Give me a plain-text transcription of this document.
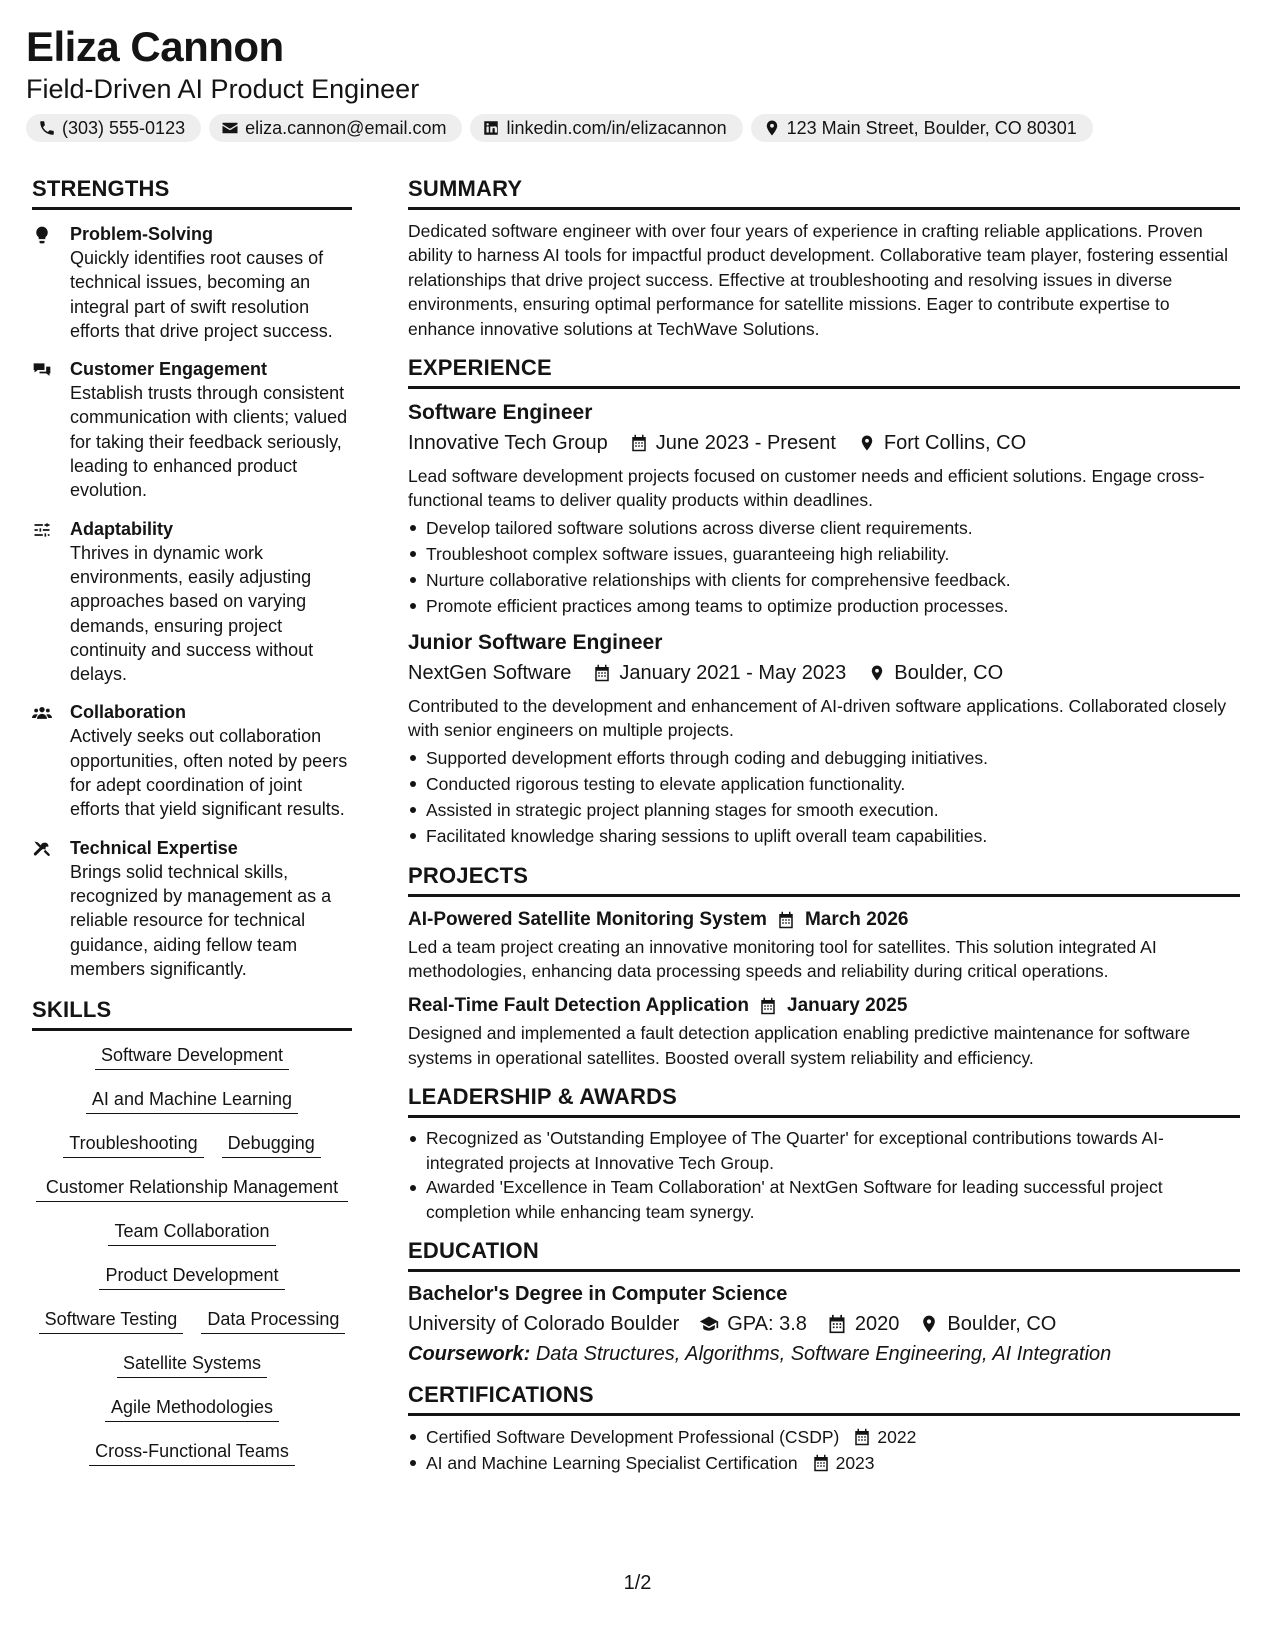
Eliza Cannon
Field-Driven AI Product Engineer
(303) 555-0123	eliza.cannon@email.com	linkedin.com/in/elizacannon	123 Main Street, Boulder, CO 80301
STRENGTHS
Problem-Solving
Quickly identifies root causes of technical issues, becoming an integral part of swift resolution efforts that drive project success.
Customer Engagement
Establish trusts through consistent communication with clients; valued for taking their feedback seriously, leading to enhanced product evolution.
Adaptability
Thrives in dynamic work environments, easily adjusting approaches based on varying demands, ensuring project continuity and success without delays.
Collaboration
Actively seeks out collaboration opportunities, often noted by peers for adept coordination of joint efforts that yield significant results.
Technical Expertise
Brings solid technical skills, recognized by management as a reliable resource for technical guidance, aiding fellow team members significantly.
SKILLS
Software Development
AI and Machine Learning
Troubleshooting	Debugging
Customer Relationship Management
Team Collaboration
Product Development
Software Testing	Data Processing
Satellite Systems
Agile Methodologies
Cross-Functional Teams
SUMMARY
Dedicated software engineer with over four years of experience in crafting reliable applications. Proven ability to harness AI tools for impactful product development. Collaborative team player, fostering essential relationships that drive project success. Effective at troubleshooting and resolving issues in diverse environments, ensuring optimal performance for satellite missions. Eager to contribute expertise to enhance innovative solutions at TechWave Solutions.
EXPERIENCE
Software Engineer
Innovative Tech Group June 2023 - Present Fort Collins, CO
Lead software development projects focused on customer needs and efficient solutions. Engage cross-functional teams to deliver quality products within deadlines.
Develop tailored software solutions across diverse client requirements.
Troubleshoot complex software issues, guaranteeing high reliability.
Nurture collaborative relationships with clients for comprehensive feedback.
Promote efficient practices among teams to optimize production processes.
Junior Software Engineer
NextGen Software January 2021 - May 2023 Boulder, CO
Contributed to the development and enhancement of AI-driven software applications. Collaborated closely with senior engineers on multiple projects.
Supported development efforts through coding and debugging initiatives.
Conducted rigorous testing to elevate application functionality.
Assisted in strategic project planning stages for smooth execution.
Facilitated knowledge sharing sessions to uplift overall team capabilities.
PROJECTS
AI-Powered Satellite Monitoring System March 2026
Led a team project creating an innovative monitoring tool for satellites. This solution integrated AI methodologies, enhancing data processing speeds and reliability during critical operations.
Real-Time Fault Detection Application January 2025
Designed and implemented a fault detection application enabling predictive maintenance for software systems in operational satellites. Boosted overall system reliability and efficiency.
LEADERSHIP & AWARDS
Recognized as 'Outstanding Employee of The Quarter' for exceptional contributions towards AI-integrated projects at Innovative Tech Group.
Awarded 'Excellence in Team Collaboration' at NextGen Software for leading successful project completion while enhancing team synergy.
EDUCATION
Bachelor's Degree in Computer Science
University of Colorado Boulder GPA: 3.8 2020 Boulder, CO
Coursework: Data Structures, Algorithms, Software Engineering, AI Integration
CERTIFICATIONS
Certified Software Development Professional (CSDP) 2022
AI and Machine Learning Specialist Certification 2023
1/2
